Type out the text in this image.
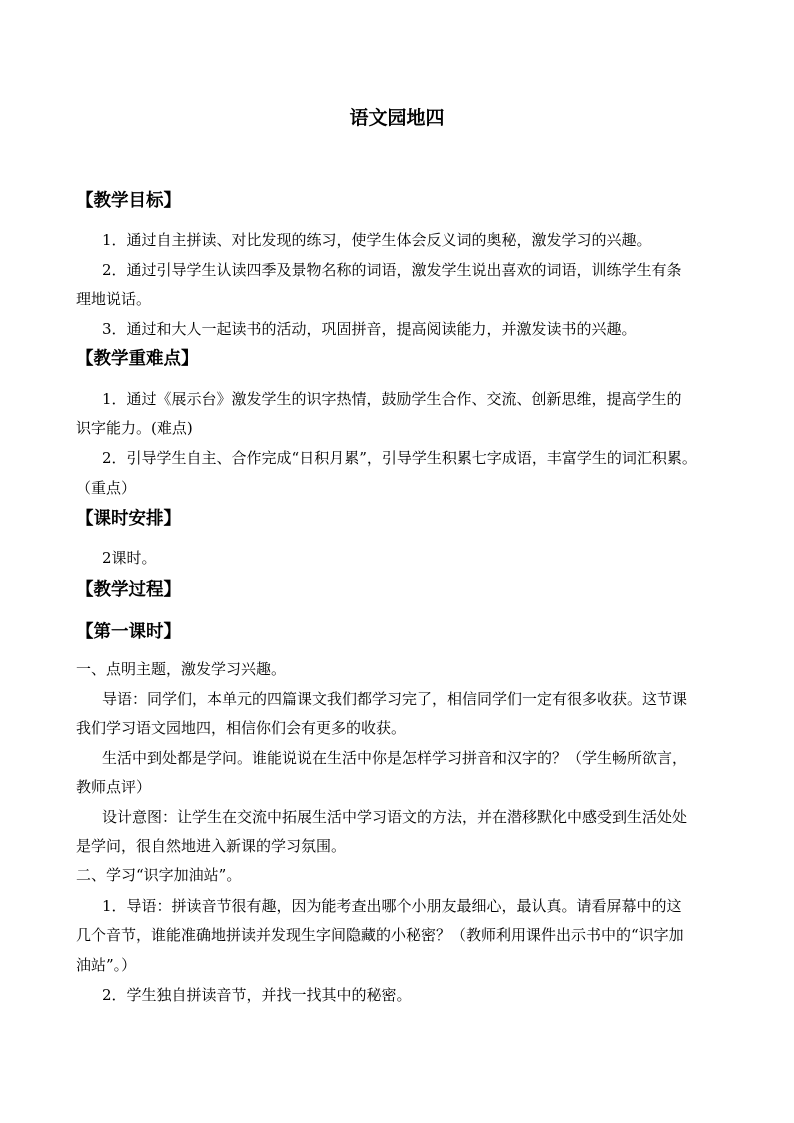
语文园地四
【教学目标】
1．通过自主拼读、对比发现的练习，使学生体会反义词的奥秘，激发学习的兴趣。
2．通过引导学生认读四季及景物名称的词语，激发学生说出喜欢的词语，训练学生有条
理地说话。
3．通过和大人一起读书的活动，巩固拼音，提高阅读能力，并激发读书的兴趣。
【教学重难点】
1．通过《展示台》激发学生的识字热情，鼓励学生合作、交流、创新思维，提高学生的
识字能力。(难点)
2．引导学生自主、合作完成“日积月累”，引导学生积累七字成语，丰富学生的词汇积累。
（重点）
【课时安排】
2课时。
【教学过程】
【第一课时】
一、点明主题，激发学习兴趣。
导语：同学们，本单元的四篇课文我们都学习完了，相信同学们一定有很多收获。这节课
我们学习语文园地四，相信你们会有更多的收获。
生活中到处都是学问。谁能说说在生活中你是怎样学习拼音和汉字的？（学生畅所欲言，
教师点评）
设计意图：让学生在交流中拓展生活中学习语文的方法，并在潜移默化中感受到生活处处
是学问，很自然地进入新课的学习氛围。
二、学习“识字加油站”。
1．导语：拼读音节很有趣，因为能考查出哪个小朋友最细心，最认真。请看屏幕中的这
几个音节，谁能准确地拼读并发现生字间隐藏的小秘密？（教师利用课件出示书中的“识字加
油站”。）
2．学生独自拼读音节，并找一找其中的秘密。
